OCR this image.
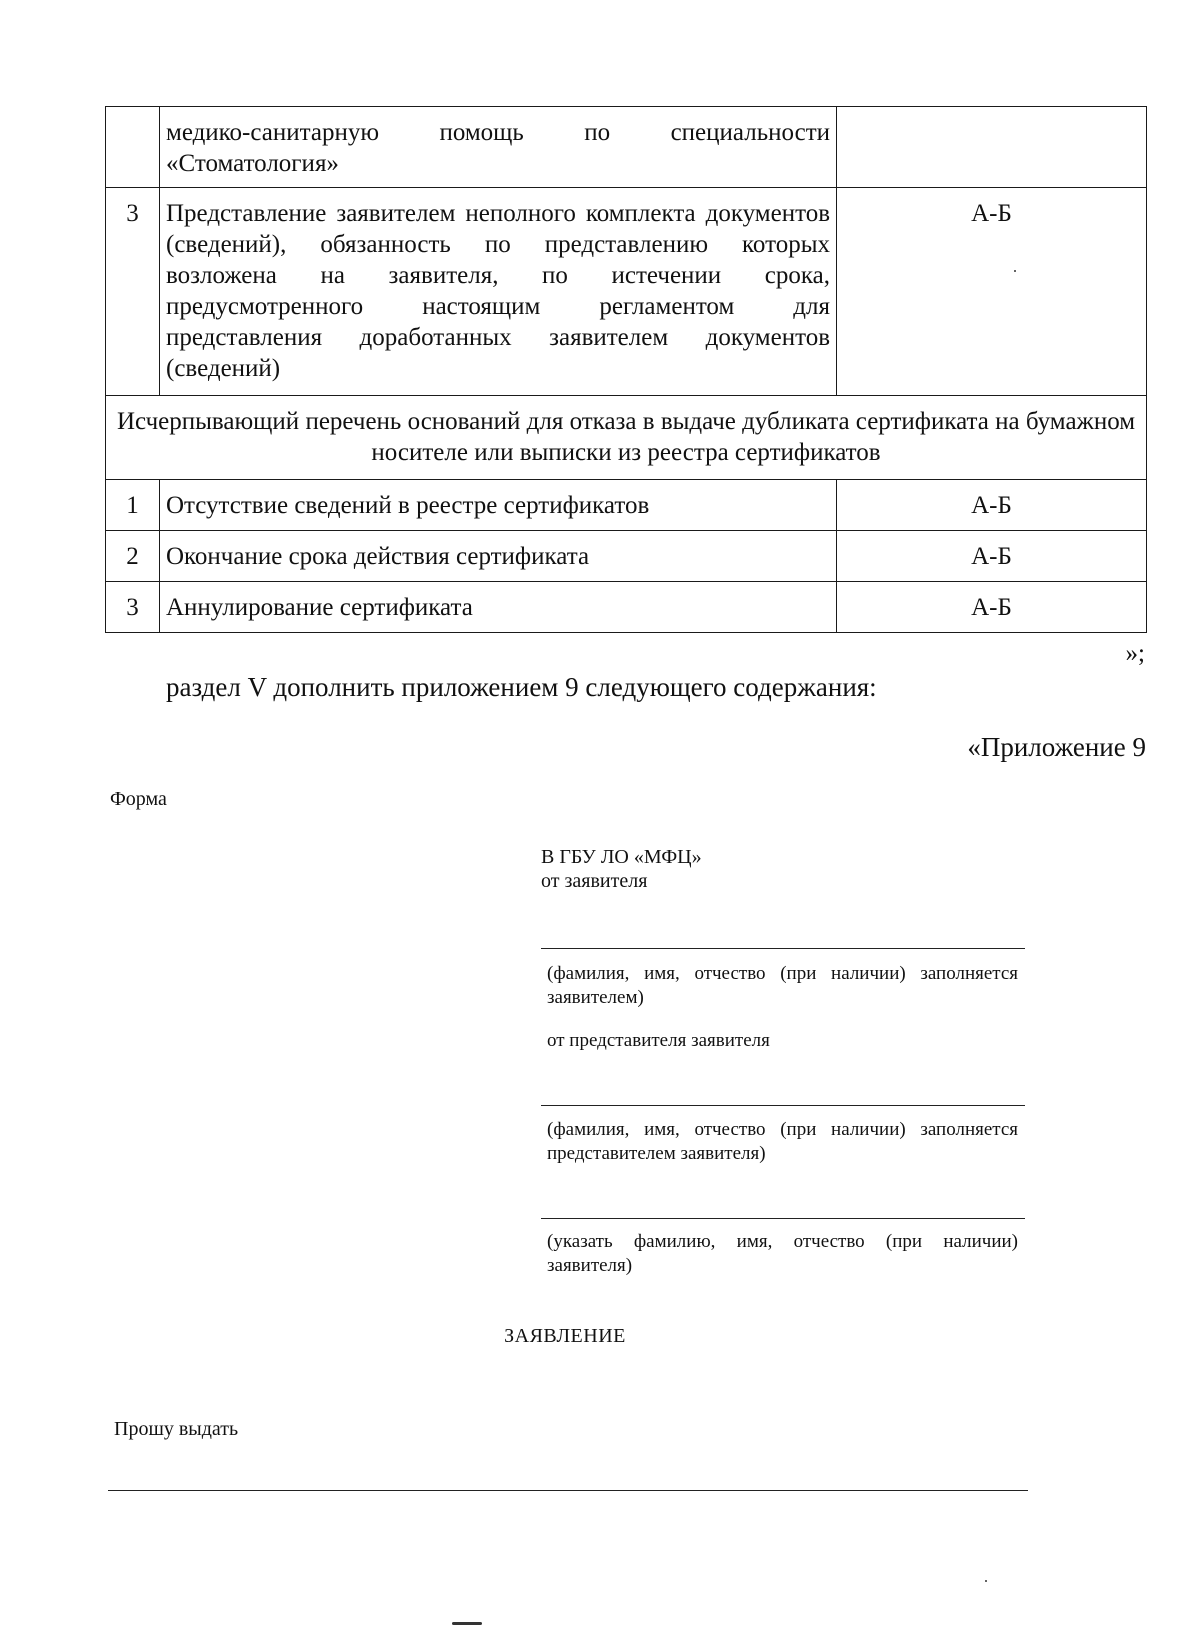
	медико-санитарную помощь по специальности «Стоматология»	
3	Представление заявителем неполного комплекта документов (сведений), обязанность по представлению которых возложена на заявителя, по истечении срока, предусмотренного настоящим регламентом для представления доработанных заявителем документов (сведений)	А-Б
Исчерпывающий перечень оснований для отказа в выдаче дубликата сертификата на бумажном носителе или выписки из реестра сертификатов		
1	Отсутствие сведений в реестре сертификатов	А-Б
2	Окончание срока действия сертификата	А-Б
3	Аннулирование сертификата	А-Б
»;
раздел V дополнить приложением 9 следующего содержания:
«Приложение 9
Форма
В ГБУ ЛО «МФЦ»
от заявителя
(фамилия, имя, отчество (при наличии) заполняется заявителем)
от представителя заявителя
(фамилия, имя, отчество (при наличии) заполняется представителем заявителя)
(указать фамилию, имя, отчество (при наличии) заявителя)
ЗАЯВЛЕНИЕ
Прошу выдать
